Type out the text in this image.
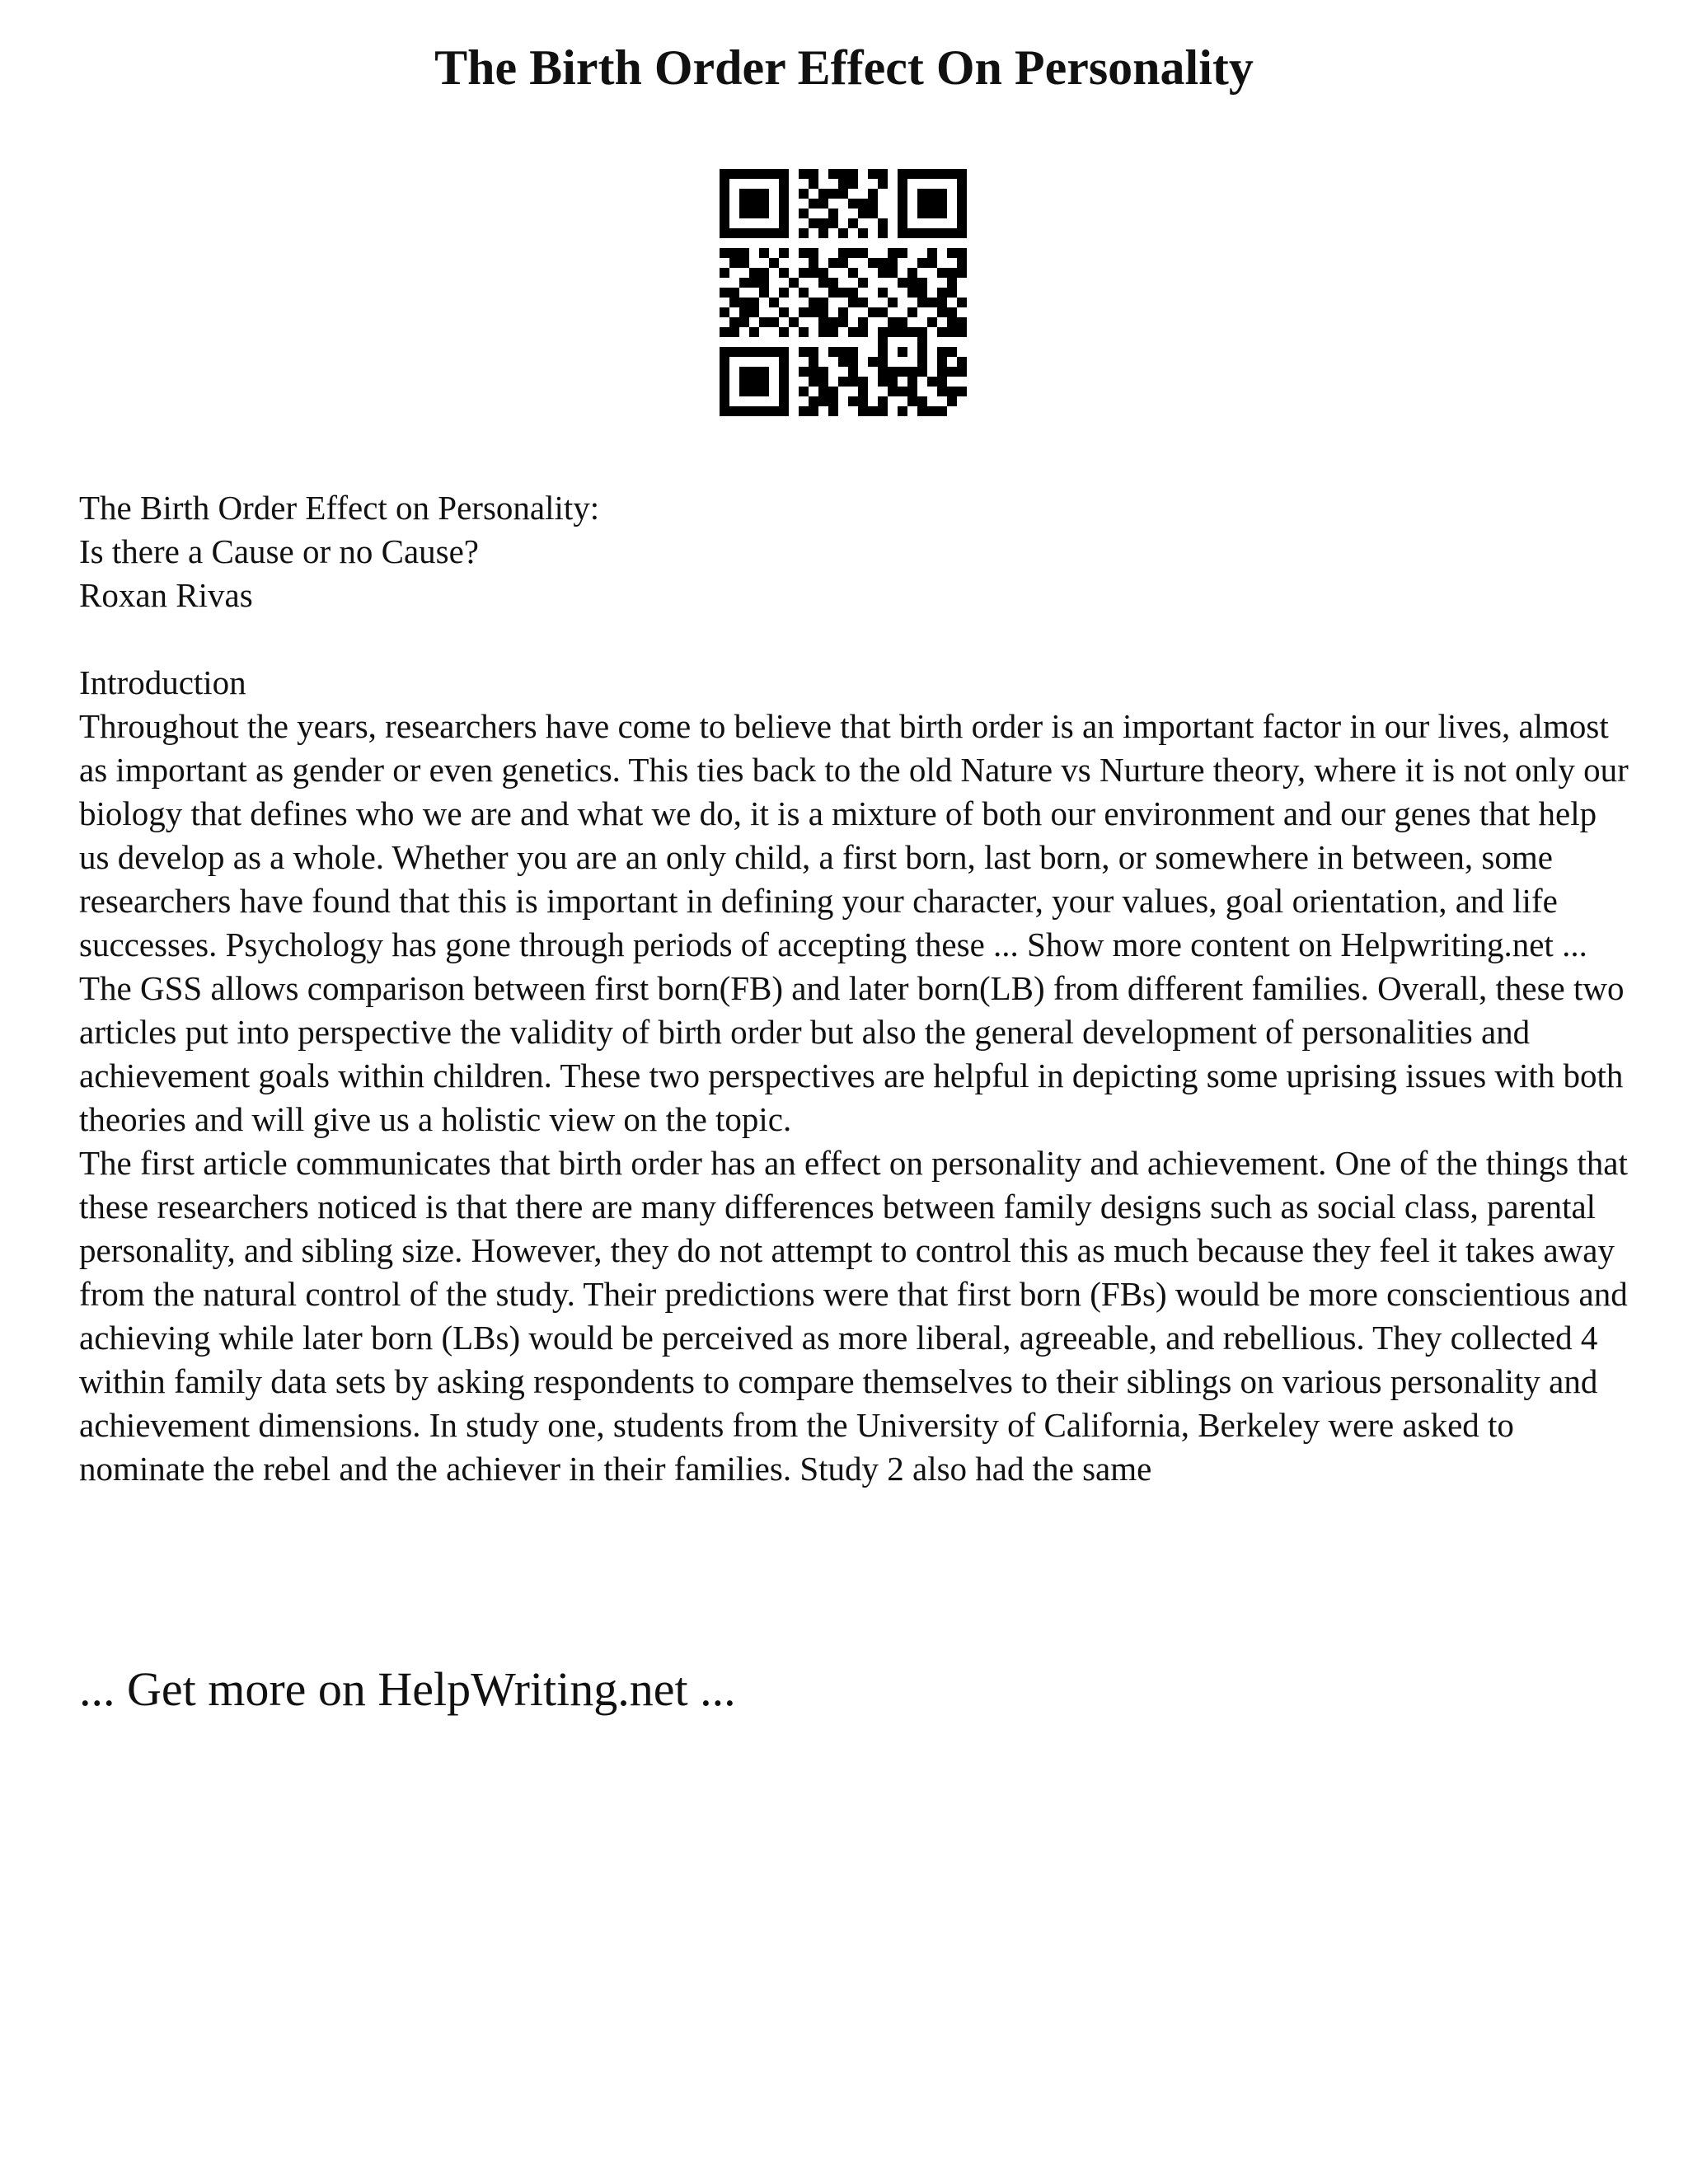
The Birth Order Effect On Personality
The Birth Order Effect on Personality:
Is there a Cause or no Cause?
Roxan Rivas
Introduction

Throughout the years, researchers have come to believe that birth order is an important factor in our lives, almost as important as gender or even genetics. This ties back to the old Nature vs Nurture theory, where it is not only our biology that defines who we are and what we do, it is a mixture of both our environment and our genes that help us develop as a whole. Whether you are an only child, a first born, last born, or somewhere in between, some researchers have found that this is important in defining your character, your values, goal orientation, and life successes. Psychology has gone through periods of accepting these ... Show more content on Helpwriting.net ...

The GSS allows comparison between first born(FB) and later born(LB) from different families. Overall, these two articles put into perspective the validity of birth order but also the general development of personalities and achievement goals within children. These two perspectives are helpful in depicting some uprising issues with both theories and will give us a holistic view on the topic.

The first article communicates that birth order has an effect on personality and achievement. One of the things that these researchers noticed is that there are many differences between family designs such as social class, parental personality, and sibling size. However, they do not attempt to control this as much because they feel it takes away from the natural control of the study. Their predictions were that first born (FBs) would be more conscientious and achieving while later born (LBs) would be perceived as more liberal, agreeable, and rebellious. They collected 4 within family data sets by asking respondents to compare themselves to their siblings on various personality and achievement dimensions. In study one, students from the University of California, Berkeley were asked to nominate the rebel and the achiever in their families. Study 2 also had the same

... Get more on HelpWriting.net ...
